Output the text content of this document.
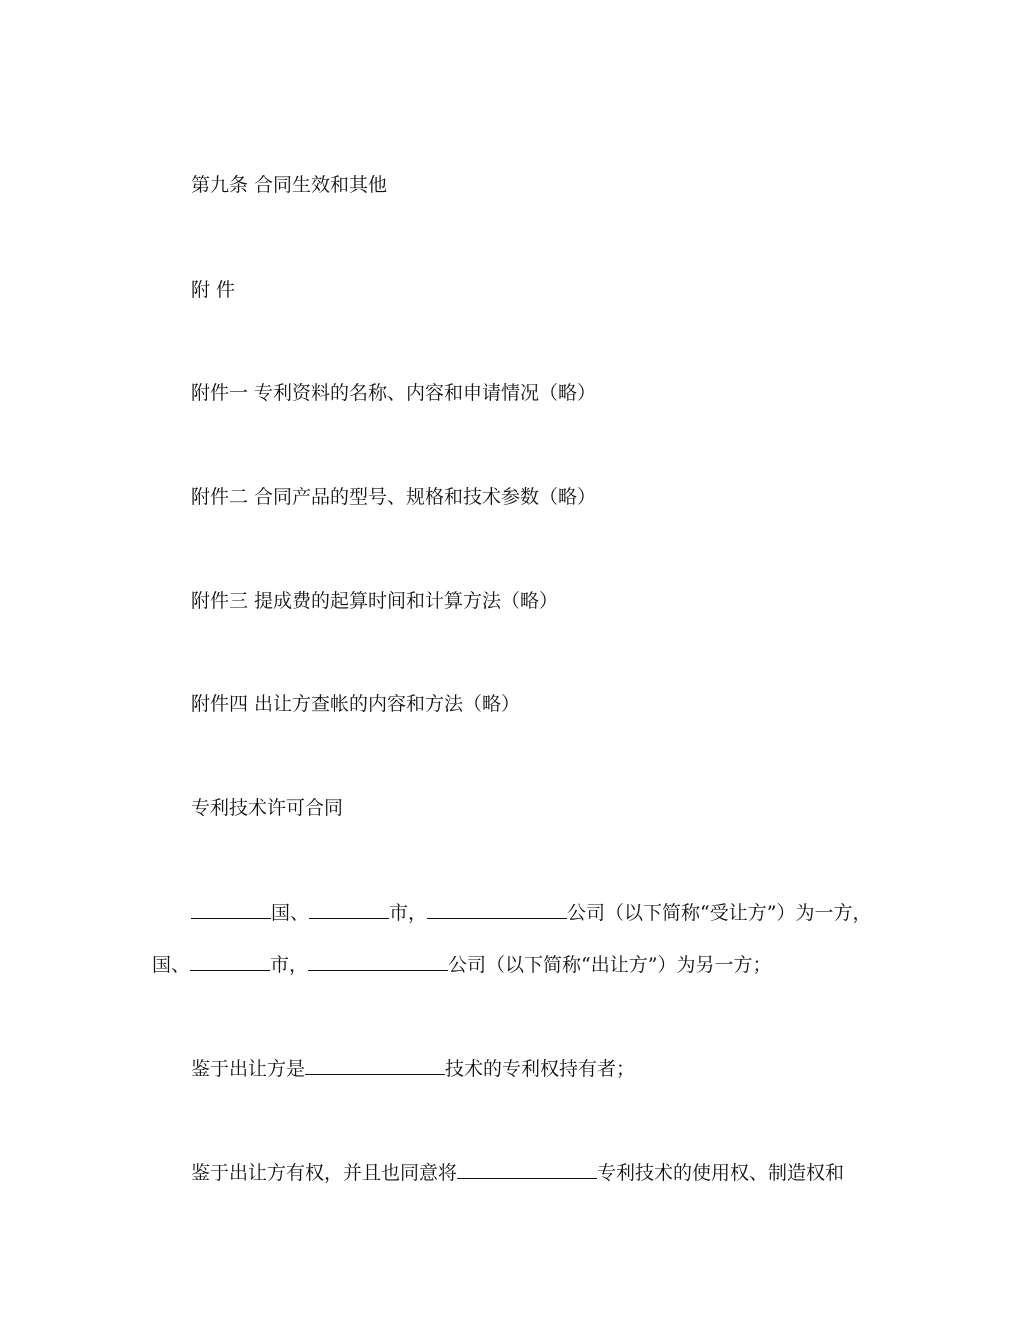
第九条 合同生效和其他

附 件

附件一 专利资料的名称、内容和申请情况（略）

附件二 合同产品的型号、规格和技术参数（略）

附件三 提成费的起算时间和计算方法（略）

附件四 出让方查帐的内容和方法（略）

专利技术许可合同

国、	市，	公司（以下简称“受让方”）为一方，

国、	市，	公司（以下简称“出让方”）为另一方；

鉴于出让方是	技术的专利权持有者；

鉴于出让方有权，并且也同意将	专利技术的使用权、制造权和
